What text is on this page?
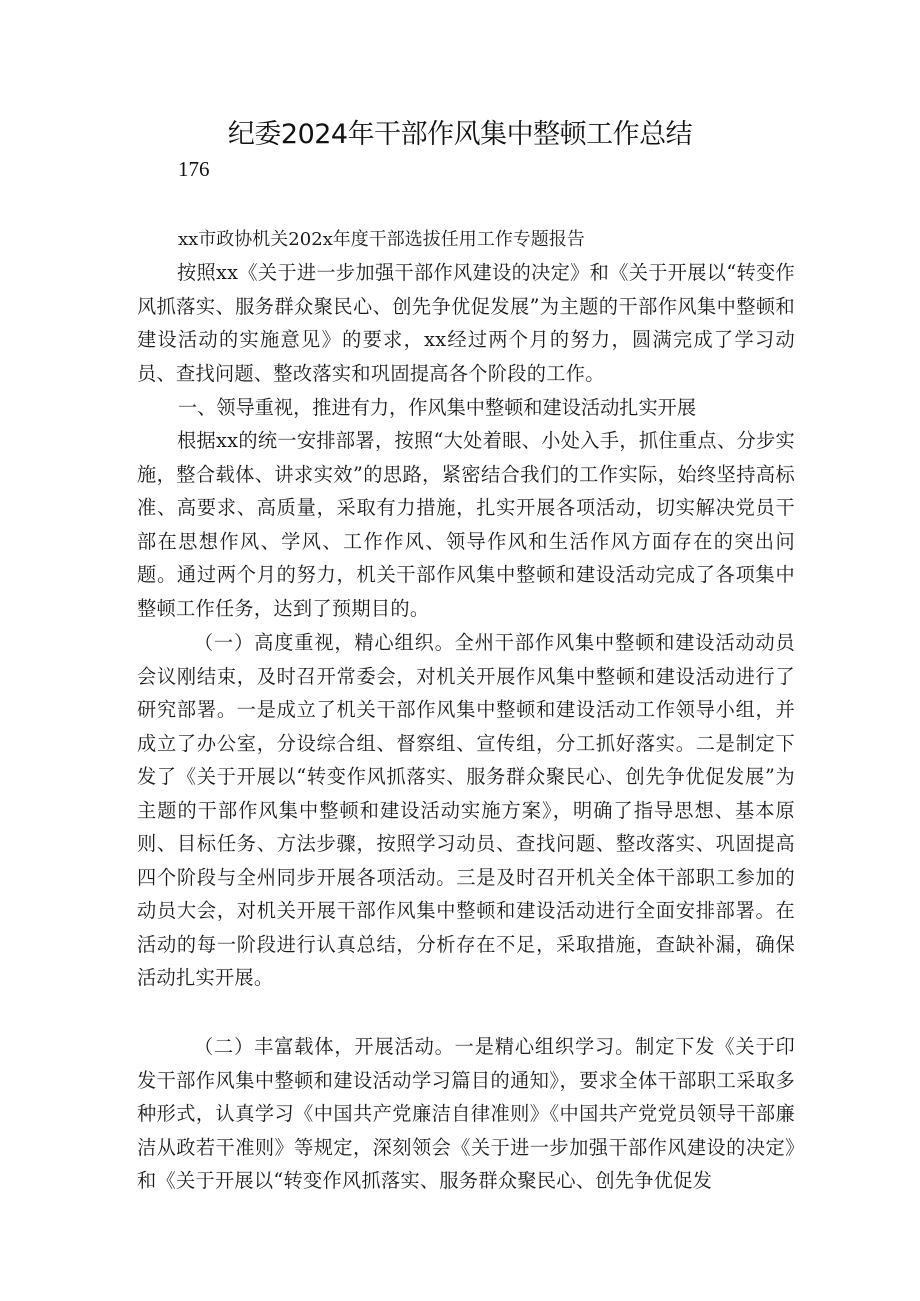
纪委2024年干部作风集中整顿工作总结
176

xx市政协机关202x年度干部选拔任用工作专题报告

按照xx《关于进一步加强干部作风建设的决定》和《关于开展以“转变作风抓落实、服务群众聚民心、创先争优促发展”为主题的干部作风集中整顿和建设活动的实施意见》的要求，xx经过两个月的努力，圆满完成了学习动员、查找问题、整改落实和巩固提高各个阶段的工作。

一、领导重视，推进有力，作风集中整顿和建设活动扎实开展

根据xx的统一安排部署，按照“大处着眼、小处入手，抓住重点、分步实施，整合载体、讲求实效”的思路，紧密结合我们的工作实际，始终坚持高标准、高要求、高质量，采取有力措施，扎实开展各项活动，切实解决党员干部在思想作风、学风、工作作风、领导作风和生活作风方面存在的突出问题。通过两个月的努力，机关干部作风集中整顿和建设活动完成了各项集中整顿工作任务，达到了预期目的。

（一）高度重视，精心组织。全州干部作风集中整顿和建设活动动员会议刚结束，及时召开常委会，对机关开展作风集中整顿和建设活动进行了研究部署。一是成立了机关干部作风集中整顿和建设活动工作领导小组，并成立了办公室，分设综合组、督察组、宣传组，分工抓好落实。二是制定下发了《关于开展以“转变作风抓落实、服务群众聚民心、创先争优促发展”为主题的干部作风集中整顿和建设活动实施方案》，明确了指导思想、基本原则、目标任务、方法步骤，按照学习动员、查找问题、整改落实、巩固提高四个阶段与全州同步开展各项活动。三是及时召开机关全体干部职工参加的动员大会，对机关开展干部作风集中整顿和建设活动进行全面安排部署。在活动的每一阶段进行认真总结，分析存在不足，采取措施，查缺补漏，确保活动扎实开展。

（二）丰富载体，开展活动。一是精心组织学习。制定下发《关于印发干部作风集中整顿和建设活动学习篇目的通知》，要求全体干部职工采取多种形式，认真学习《中国共产党廉洁自律准则》《中国共产党党员领导干部廉洁从政若干准则》等规定，深刻领会《关于进一步加强干部作风建设的决定》和《关于开展以“转变作风抓落实、服务群众聚民心、创先争优促发
